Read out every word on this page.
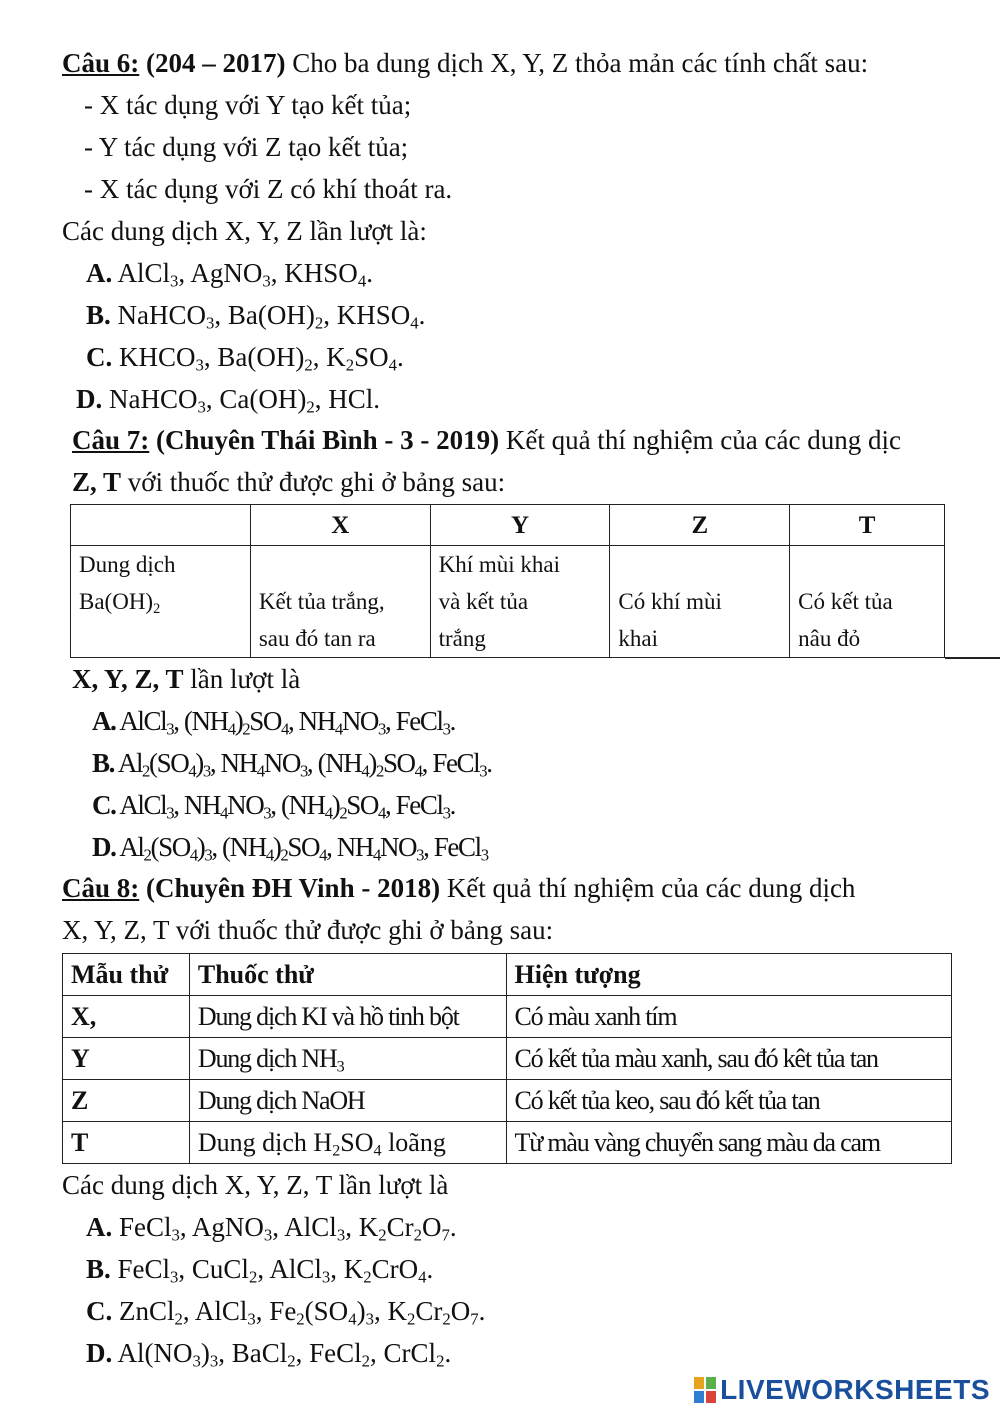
Câu 6: (204 – 2017) Cho ba dung dịch X, Y, Z thỏa mản các tính chất sau:
- X tác dụng với Y tạo kết tủa;
- Y tác dụng với Z tạo kết tủa;
- X tác dụng với Z có khí thoát ra.
Các dung dịch X, Y, Z lần lượt là:
A. AlCl$_3$, AgNO$_3$, $KHSO_4$.
B. NaHCO$_3$, $Ba(OH)_2$, $KHSO_4$.
C. $KHCO_3$, $Ba(OH)_2$, $K_2SO_4$.
D. NaHCO$_3$, $Ca(OH)_2$, HCl.
Câu 7: (Chuyên Thái Bình - 3 - 2019) Kết quả thí nghiệm của các dung dịc
Z, T với thuốc thử được ghi ở bảng sau:
	X	Y	Z	T
Dung dịch
$Ba(OH)_2$	Kết tủa trắng,
sau đó tan ra	Khí mùi khai
và kết tủa
trắng	Có khí mùi
khai	Có kết tủa
nâu đỏ
X, Y, Z, T lần lượt là
A. AlCl$_3$, $(NH_4)_2SO_4$, $NH_4NO_3$, FeCl$_3$.
B. $Al_2(SO_4)_3$, $NH_4NO_3$, $(NH_4)_2SO_4$, FeCl$_3$.
C. AlCl$_3$, $NH_4NO_3$, $(NH_4)_2SO_4$, FeCl$_3$.
D. $Al_2(SO_4)_3$, $(NH_4)_2SO_4$, $NH_4NO_3$, FeCl$_3$
Câu 8: (Chuyên ĐH Vinh - 2018) Kết quả thí nghiệm của các dung dịch
X, Y, Z, T với thuốc thử được ghi ở bảng sau:
Mẫu thử	Thuốc thử	Hiện tượng
X,	Dung dịch KI và hồ tinh bột	Có màu xanh tím
Y	Dung dịch $NH_3$	Có kết tủa màu xanh, sau đó kêt tủa tan
Z	Dung dịch NaOH	Có kết tủa keo, sau đó kết tủa tan
T	Dung dịch $H_2SO_4$ loãng	Từ màu vàng chuyển sang màu da cam
Các dung dịch X, Y, Z, T lần lượt là
A. FeCl$_3$, AgNO$_3$, AlCl$_3$, $K_2Cr_2O_7$.
B. FeCl$_3$, CuCl$_2$, AlCl$_3$, $K_2CrO_4$.
C. ZnCl$_2$, AlCl$_3$, $Fe_2(SO_4)_3$, $K_2Cr_2O_7$.
D. $Al(NO_3)_3$, BaCl$_2$, FeCl$_2$, CrCl$_2$.
LIVEWORKSHEETS
